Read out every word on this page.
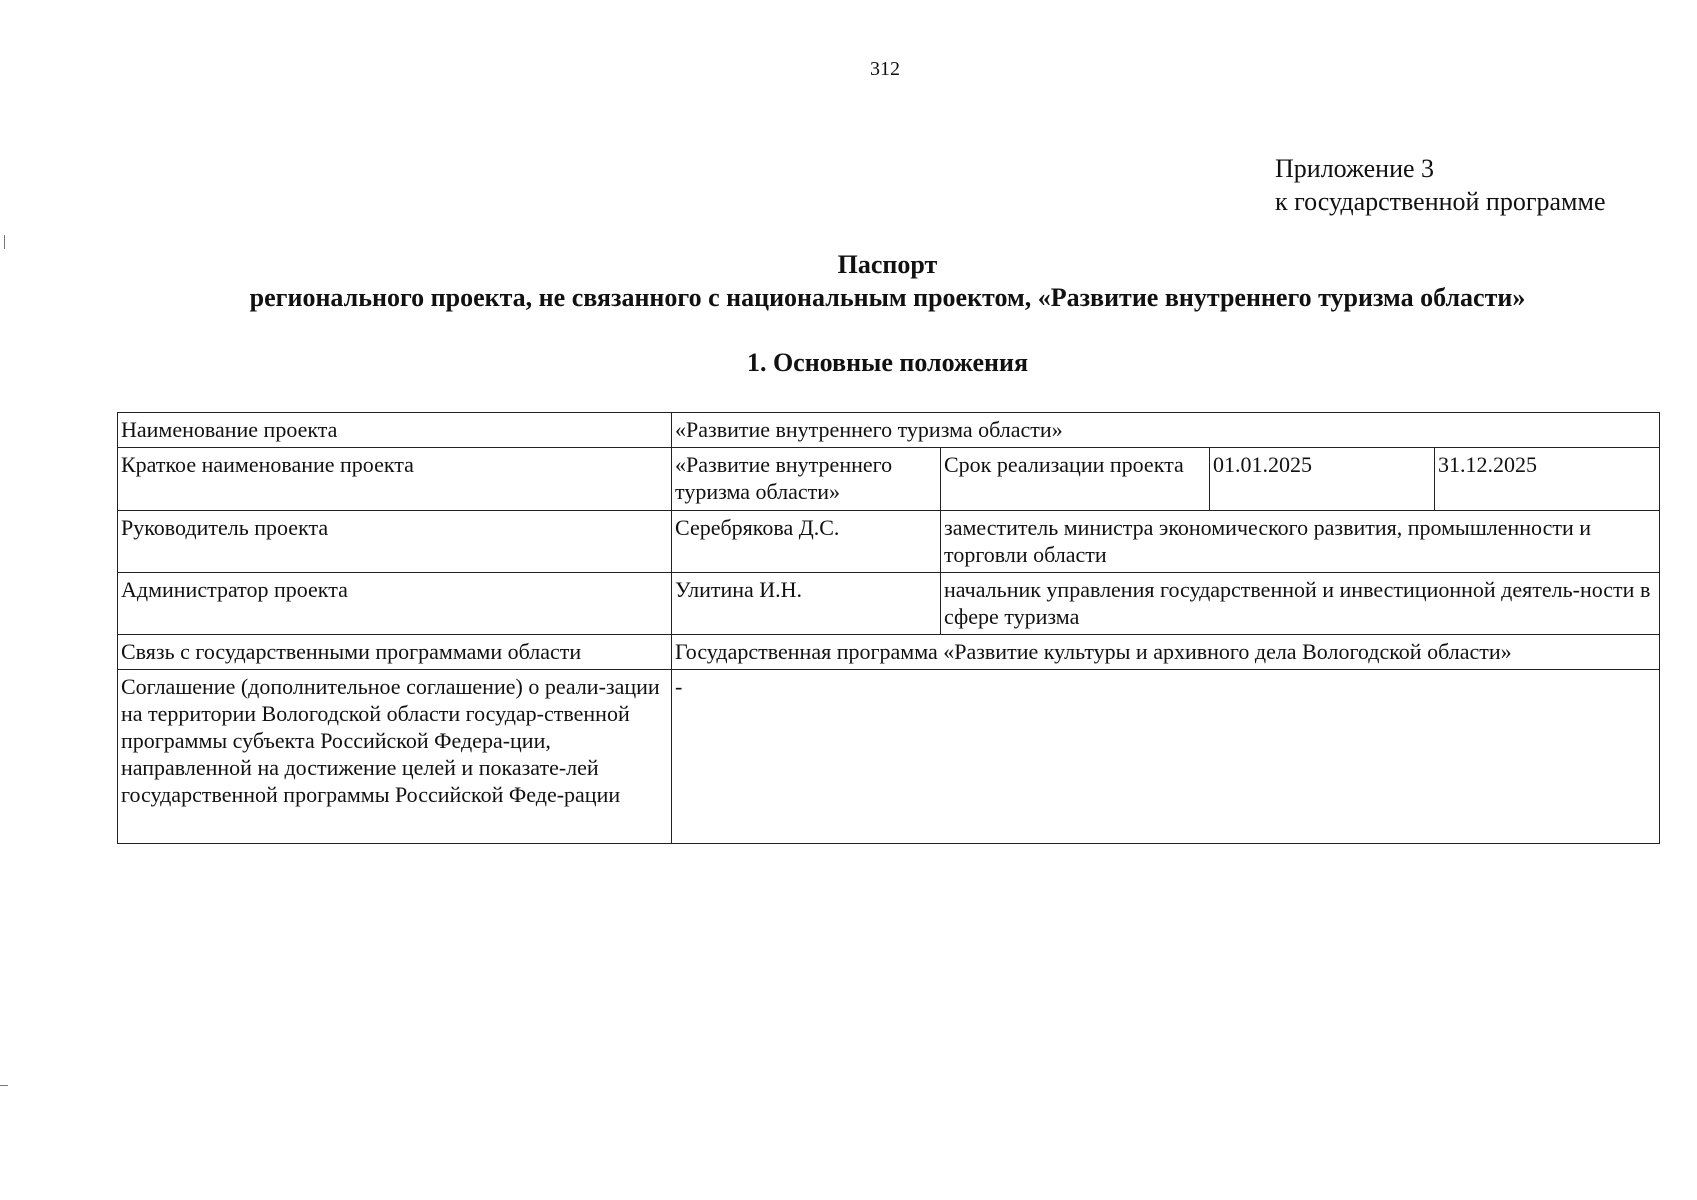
312
Приложение 3
к государственной программе
Паспорт
регионального проекта, не связанного с национальным проектом, «Развитие внутреннего туризма области»
1. Основные положения
Наименование проекта	«Развитие внутреннего туризма области»			
Краткое наименование проекта	«Развитие внутреннего туризма области»	Срок реализации проекта	01.01.2025	31.12.2025
Руководитель проекта	Серебрякова Д.С.	заместитель министра экономического развития, промышленности и торговли области		
Администратор проекта	Улитина И.Н.	начальник управления государственной и инвестиционной деятель-ности в сфере туризма		
Связь с государственными программами области	Государственная программа «Развитие культуры и архивного дела Вологодской области»			
Соглашение (дополнительное соглашение) о реали-зации на территории Вологодской области государ-ственной программы субъекта Российской Федера-ции, направленной на достижение целей и показате-лей государственной программы Российской Феде-рации	-			
